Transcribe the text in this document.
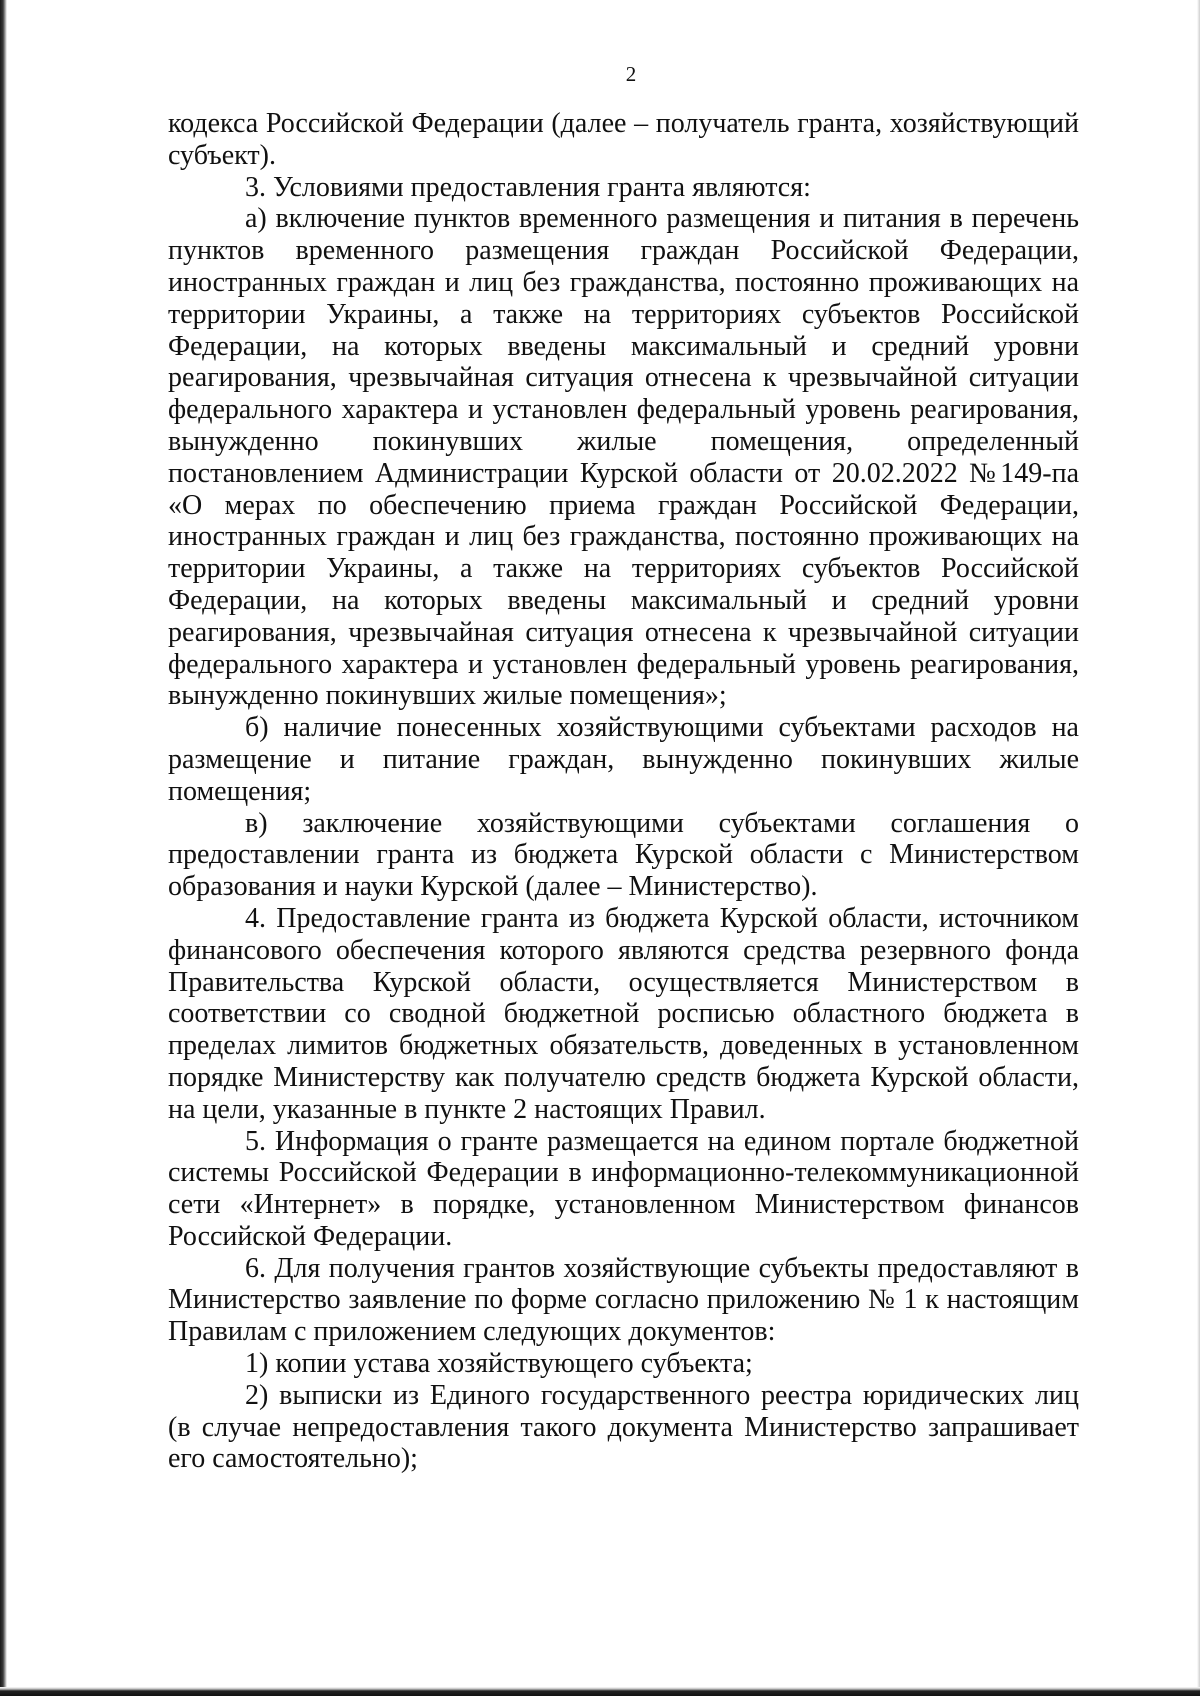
2

кодекса Российской Федерации (далее – получатель гранта, хозяйствующий субъект).

3. Условиями предоставления гранта являются:

а) включение пунктов временного размещения и питания в перечень пунктов временного размещения граждан Российской Федерации, иностранных граждан и лиц без гражданства, постоянно проживающих на территории Украины, а также на территориях субъектов Российской Федерации, на которых введены максимальный и средний уровни реагирования, чрезвычайная ситуация отнесена к чрезвычайной ситуации федерального характера и установлен федеральный уровень реагирования, вынужденно покинувших жилые помещения, определенный постановлением Администрации Курской области от 20.02.2022 №149-па «О мерах по обеспечению приема граждан Российской Федерации, иностранных граждан и лиц без гражданства, постоянно проживающих на территории Украины, а также на территориях субъектов Российской Федерации, на которых введены максимальный и средний уровни реагирования, чрезвычайная ситуация отнесена к чрезвычайной ситуации федерального характера и установлен федеральный уровень реагирования, вынужденно покинувших жилые помещения»;

б) наличие понесенных хозяйствующими субъектами расходов на размещение и питание граждан, вынужденно покинувших жилые помещения;

в) заключение хозяйствующими субъектами соглашения о предоставлении гранта из бюджета Курской области с Министерством образования и науки Курской (далее – Министерство).

4. Предоставление гранта из бюджета Курской области, источником финансового обеспечения которого являются средства резервного фонда Правительства Курской области, осуществляется Министерством в соответствии со сводной бюджетной росписью областного бюджета в пределах лимитов бюджетных обязательств, доведенных в установленном порядке Министерству как получателю средств бюджета Курской области, на цели, указанные в пункте 2 настоящих Правил.

5. Информация о гранте размещается на едином портале бюджетной системы Российской Федерации в информационно-телекоммуникационной сети «Интернет» в порядке, установленном Министерством финансов Российской Федерации.

6. Для получения грантов хозяйствующие субъекты предоставляют в Министерство заявление по форме согласно приложению № 1 к настоящим Правилам с приложением следующих документов:

1) копии устава хозяйствующего субъекта;

2) выписки из Единого государственного реестра юридических лиц (в случае непредоставления такого документа Министерство запрашивает его самостоятельно);
